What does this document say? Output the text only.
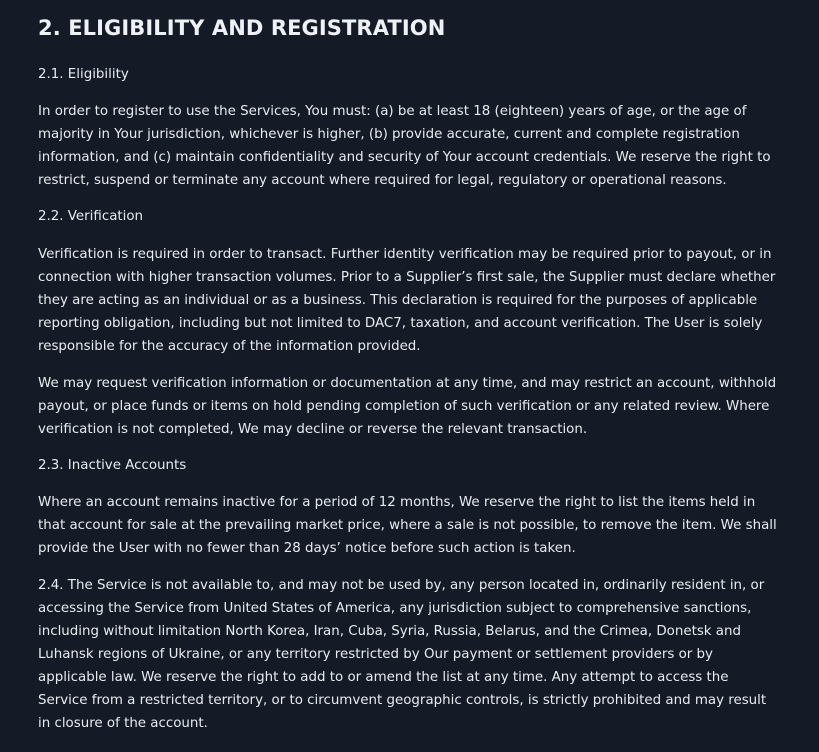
2. ELIGIBILITY AND REGISTRATION
2.1. Eligibility

In order to register to use the Services, You must: (a) be at least 18 (eighteen) years of age, or the age of majority in Your jurisdiction, whichever is higher, (b) provide accurate, current and complete registration information, and (c) maintain confidentiality and security of Your account credentials. We reserve the right to restrict, suspend or terminate any account where required for legal, regulatory or operational reasons.

2.2. Verification

Verification is required in order to transact. Further identity verification may be required prior to payout, or in connection with higher transaction volumes. Prior to a Supplier’s first sale, the Supplier must declare whether they are acting as an individual or as a business. This declaration is required for the purposes of applicable reporting obligation, including but not limited to DAC7, taxation, and account verification. The User is solely responsible for the accuracy of the information provided.

We may request verification information or documentation at any time, and may restrict an account, withhold payout, or place funds or items on hold pending completion of such verification or any related review. Where verification is not completed, We may decline or reverse the relevant transaction.

2.3. Inactive Accounts

Where an account remains inactive for a period of 12 months, We reserve the right to list the items held in that account for sale at the prevailing market price, where a sale is not possible, to remove the item. We shall provide the User with no fewer than 28 days’ notice before such action is taken.

2.4. The Service is not available to, and may not be used by, any person located in, ordinarily resident in, or accessing the Service from United States of America, any jurisdiction subject to comprehensive sanctions, including without limitation North Korea, Iran, Cuba, Syria, Russia, Belarus, and the Crimea, Donetsk and Luhansk regions of Ukraine, or any territory restricted by Our payment or settlement providers or by applicable law. We reserve the right to add to or amend the list at any time. Any attempt to access the Service from a restricted territory, or to circumvent geographic controls, is strictly prohibited and may result in closure of the account.
